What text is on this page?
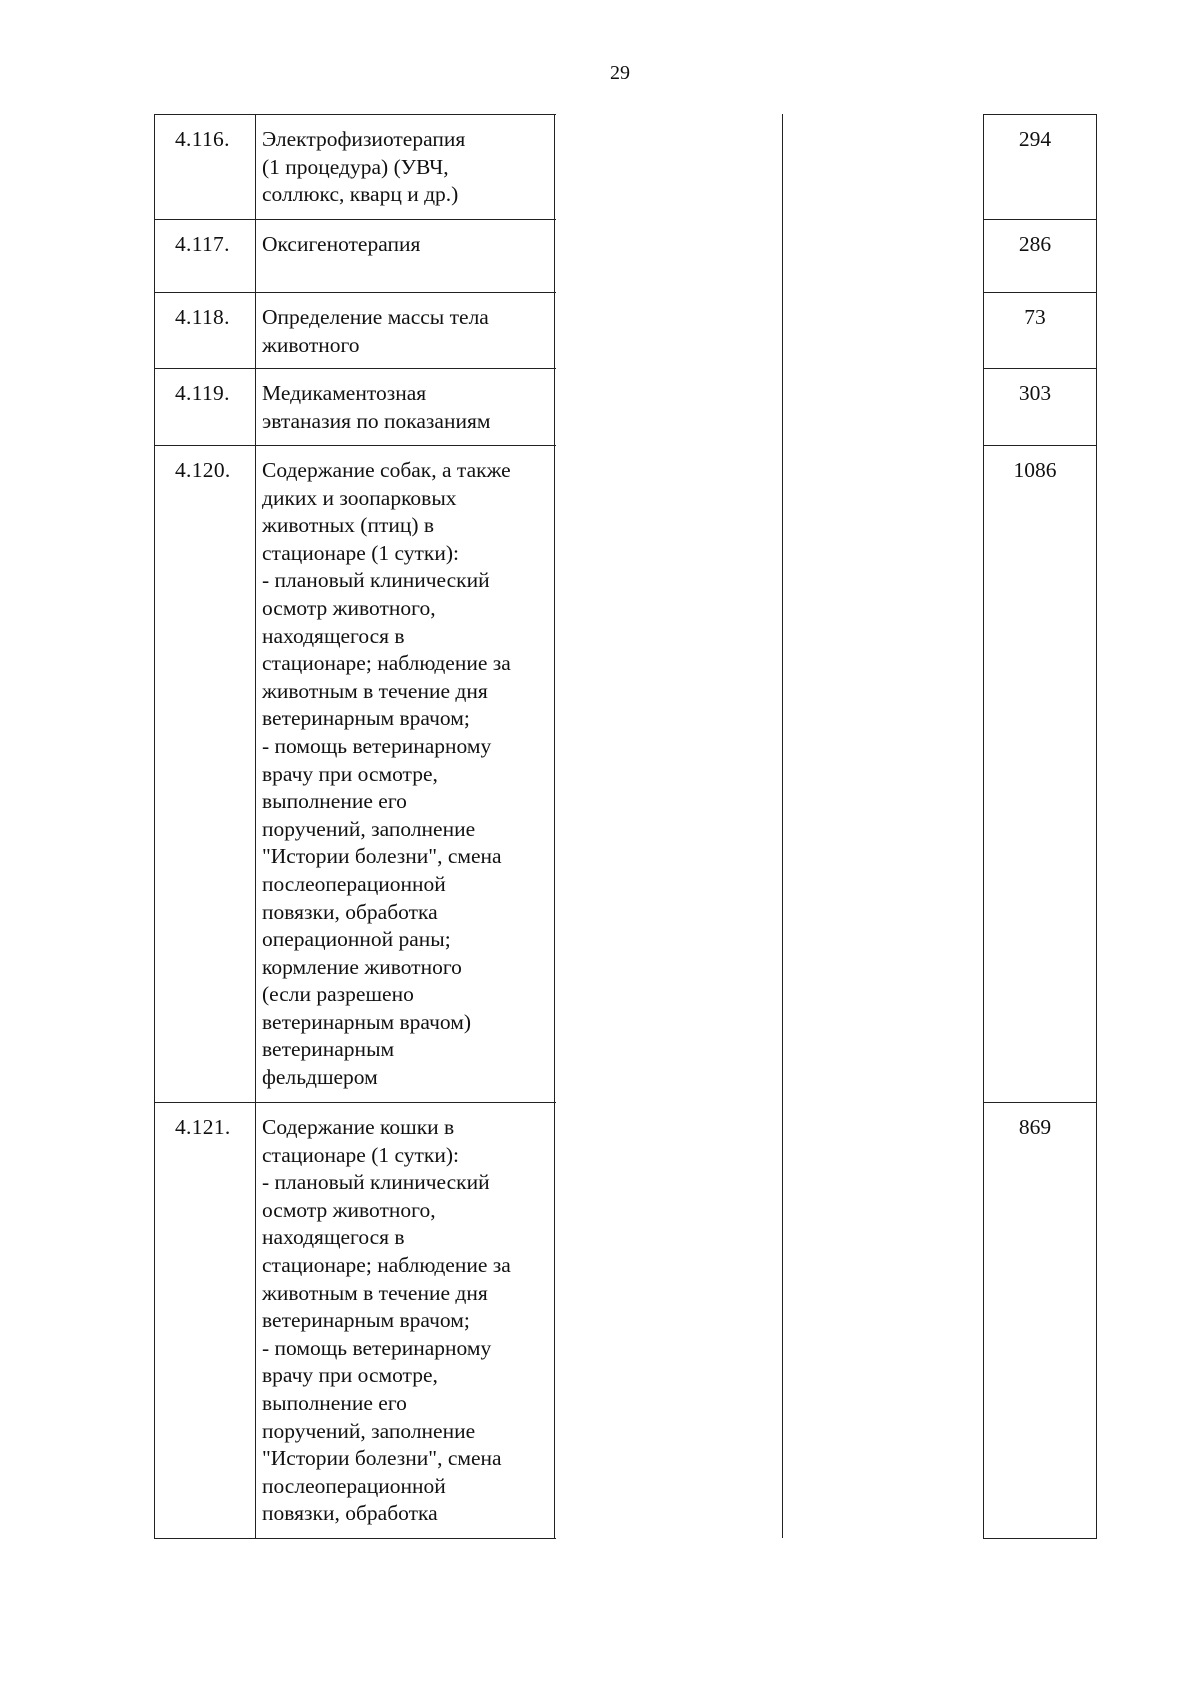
29
4.116. Электрофизиотерапия
(1 процедура) (УВЧ,
соллюкс, кварц и др.)
294
4.117. Оксигенотерапия	286
4.118. Определение массы тела
животного
73
4.119. Медикаментозная
эвтаназия по показаниям
303
4.120. Содержание собак, а также
диких и зоопарковых
животных (птиц) в
стационаре (1 сутки):
- плановый клинический
осмотр животного,
находящегося в
стационаре; наблюдение за
животным в течение дня
ветеринарным врачом;
- помощь ветеринарному
врачу при осмотре,
выполнение его
поручений, заполнение
"Истории болезни", смена
послеоперационной
повязки, обработка
операционной раны;
кормление животного
(если разрешено
ветеринарным врачом)
ветеринарным
фельдшером
1086
4.121. Содержание кошки в
стационаре (1 сутки):
- плановый клинический
осмотр животного,
находящегося в
стационаре; наблюдение за
животным в течение дня
ветеринарным врачом;
- помощь ветеринарному
врачу при осмотре,
выполнение его
поручений, заполнение
"Истории болезни", смена
послеоперационной
повязки, обработка
869
